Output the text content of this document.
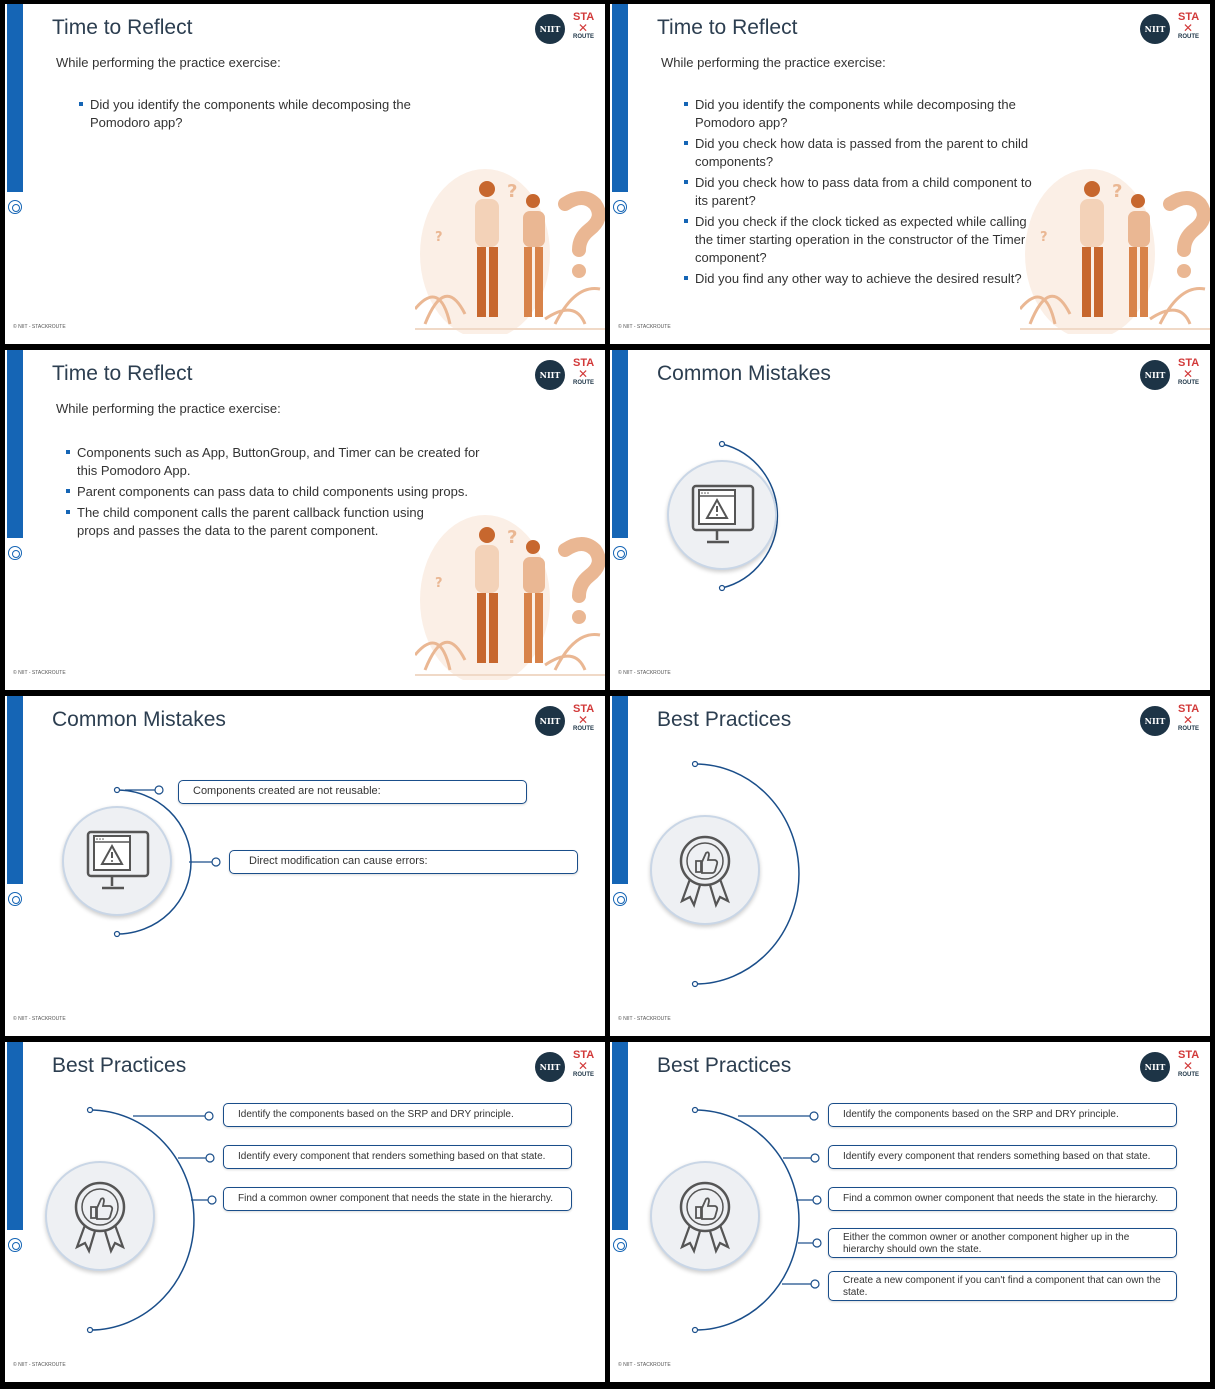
Time to Reflect	NIIT
STA
✕
ROUTE
While performing the practice exercise:
Did you identify the components while decomposing the Pomodoro app?
?
?
© NIIT - STACKROUTE
Time to Reflect	NIIT
STA
✕
ROUTE
While performing the practice exercise:
Did you identify the components while decomposing the Pomodoro app?
Did you check how data is passed from the parent to child components?
Did you check how to pass data from a child component to its parent?
Did you check if the clock ticked as expected while calling the timer starting operation in the constructor of the Timer component?
Did you find any other way to achieve the desired result?
?
?
© NIIT - STACKROUTE
Time to Reflect	NIIT
STA
✕
ROUTE
While performing the practice exercise:
Components such as App, ButtonGroup, and Timer can be created for this Pomodoro App.
Parent components can pass data to child components using props.
The child component calls the parent callback function using props and passes the data to the parent component.	?
?
© NIIT - STACKROUTE
Common Mistakes	NIIT
STA
✕
ROUTE
© NIIT - STACKROUTE
Common Mistakes	NIIT
STA
✕
ROUTE
Components created are not reusable:
Direct modification can cause errors:
© NIIT - STACKROUTE
Best Practices	NIIT
STA
✕
ROUTE
© NIIT - STACKROUTE
Best Practices	NIIT
STA
✕
ROUTE
Identify the components based on the SRP and DRY principle.
Identify every component that renders something based on that state.
Find a common owner component that needs the state in the hierarchy.
© NIIT - STACKROUTE
Best Practices	NIIT
STA
✕
ROUTE
Identify the components based on the SRP and DRY principle.
Identify every component that renders something based on that state.
Find a common owner component that needs the state in the hierarchy.
Either the common owner or another component higher up in the hierarchy should own the state.
Create a new component if you can't find a component that can own the state.
© NIIT - STACKROUTE
